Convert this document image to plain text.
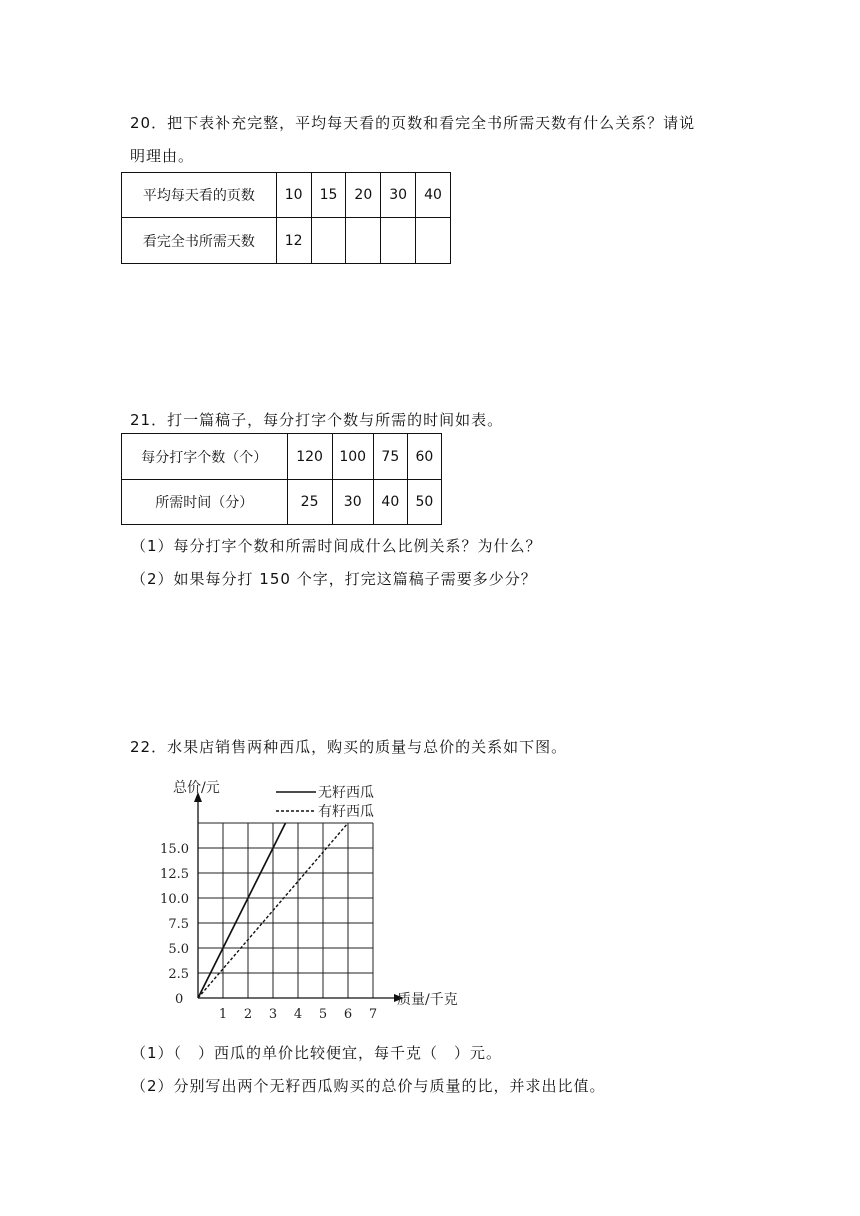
20．把下表补充完整，平均每天看的页数和看完全书所需天数有什么关系？请说
明理由。
平均每天看的页数	10	15	20	30	40
看完全书所需天数	12				
21．打一篇稿子，每分打字个数与所需的时间如表。
每分打字个数（个）	120	100	75	60
所需时间（分）	25	30	40	50
（1）每分打字个数和所需时间成什么比例关系？为什么？
（2）如果每分打 150 个字，打完这篇稿子需要多少分？
22．水果店销售两种西瓜，购买的质量与总价的关系如下图。
1 2 3 4 5 6 7
2.5
5.0
7.5
10.0
12.5
15.0
总价/元
质量/千克
0
无籽西瓜
有籽西瓜
（1）（　）西瓜的单价比较便宜，每千克（　）元。
（2）分别写出两个无籽西瓜购买的总价与质量的比，并求出比值。
